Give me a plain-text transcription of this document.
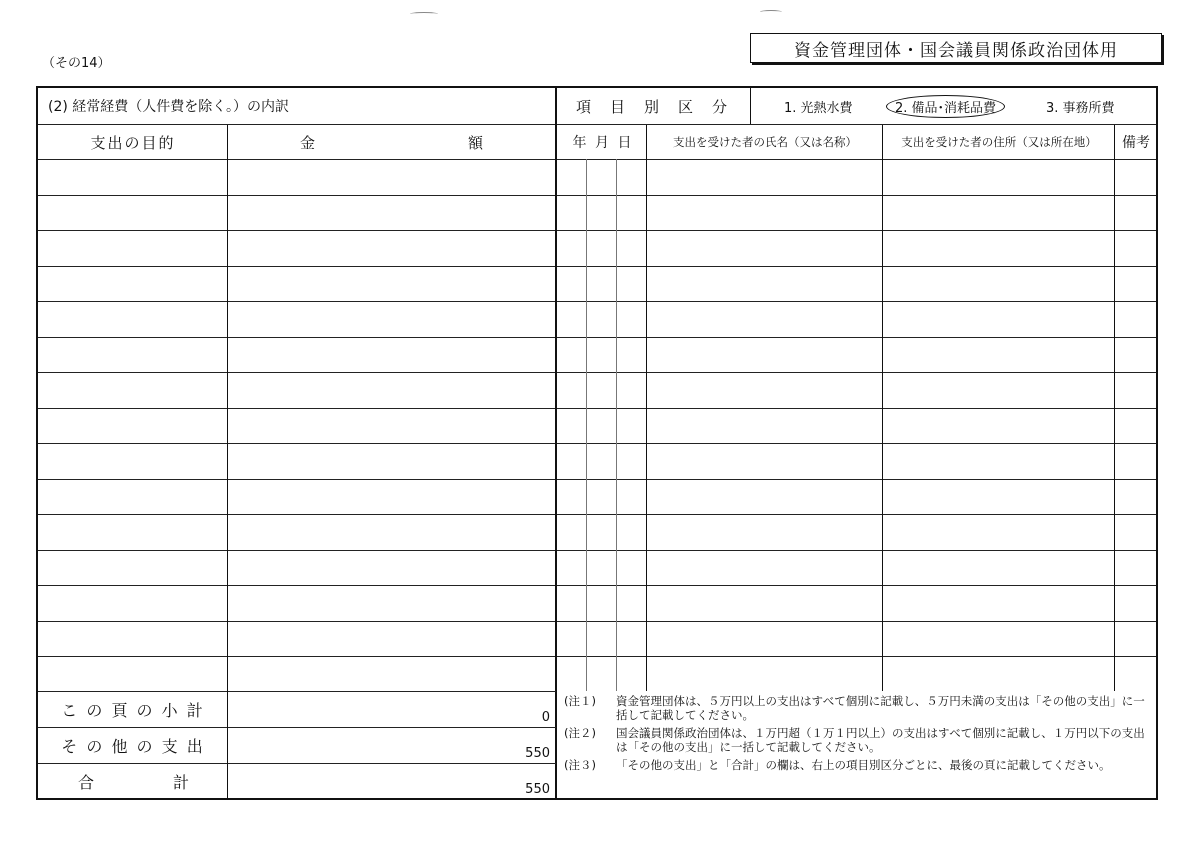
（その14）
資金管理団体・国会議員関係政治団体用
(2) 経常経費（人件費を除く。）の内訳	項　目　別　区　分	1. 光熱水費	2. 備品･消耗品費	3. 事務所費
支出の目的	金	額	年 月 日	支出を受けた者の氏名（又は名称）	支出を受けた者の住所（又は所在地）	備考
こ の 頁 の 小 計	0
そ の 他 の 支 出	550
合	計	550
(注１) 資金管理団体は、５万円以上の支出はすべて個別に記載し、５万円未満の支出は「その他の支出」に一括して記載してください。
(注２) 国会議員関係政治団体は、１万円超（１万１円以上）の支出はすべて個別に記載し、１万円以下の支出は「その他の支出」に一括して記載してください。
(注３) 「その他の支出」と「合計」の欄は、右上の項目別区分ごとに、最後の頁に記載してください。
